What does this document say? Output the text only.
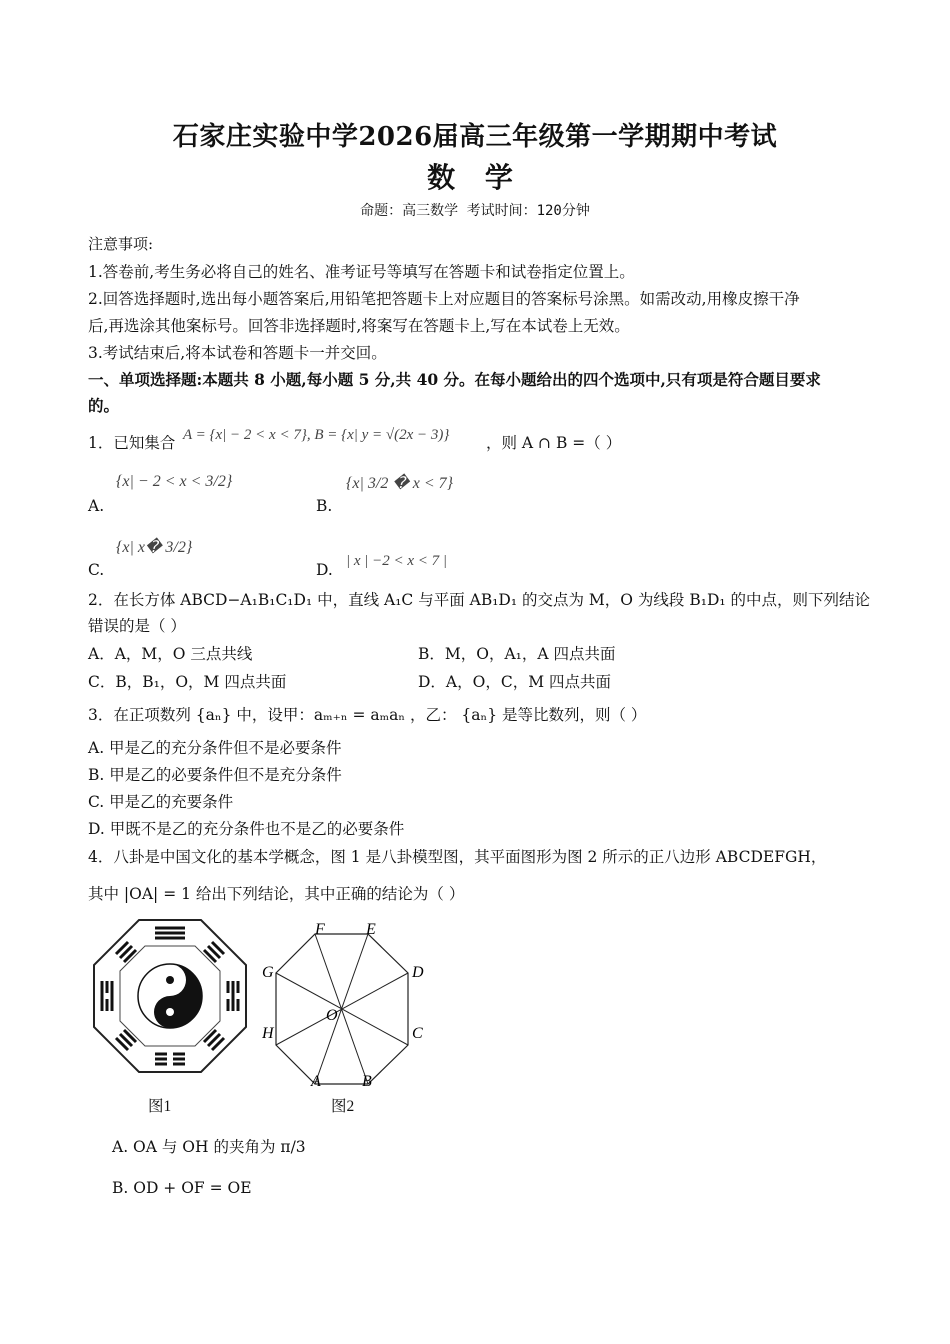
石家庄实验中学2026届高三年级第一学期期中考试
数 学
命题：高三数学 考试时间：120分钟
注意事项:
1.答卷前,考生务必将自己的姓名、准考证号等填写在答题卡和试卷指定位置上。
2.回答选择题时,选出每小题答案后,用铅笔把答题卡上对应题目的答案标号涂黑。如需改动,用橡皮擦干净
后,再选涂其他案标号。回答非选择题时,将案写在答题卡上,写在本试卷上无效。
3.考试结束后,将本试卷和答题卡一并交回。
一、单项选择题:本题共 8 小题,每小题 5 分,共 40 分。在每小题给出的四个选项中,只有项是符合题目要求
的。
1．已知集合 A = {x| − 2 < x < 7}, B = {x| y = √(2x − 3)} ，则 A ∩ B =（ ）
A.
{x| − 2 < x < 3/2}
B.
{x| 3/2 � x < 7}
C.
{x| x� 3/2}
D. | x | −2 < x < 7 |
2．在长方体 ABCD−A₁B₁C₁D₁ 中，直线 A₁C 与平面 AB₁D₁ 的交点为 M，O 为线段 B₁D₁ 的中点，则下列结论
错误的是（ ）
A．A，M，O 三点共线	B．M，O，A₁，A 四点共面
C．B，B₁，O，M 四点共面	D．A，O，C，M 四点共面
3．在正项数列 {aₙ} 中，设甲：aₘ₊ₙ = aₘaₙ ，乙： {aₙ} 是等比数列，则（ ）
A. 甲是乙的充分条件但不是必要条件
B. 甲是乙的必要条件但不是充分条件
C. 甲是乙的充要条件
D. 甲既不是乙的充分条件也不是乙的必要条件
4．八卦是中国文化的基本学概念，图 1 是八卦模型图，其平面图形为图 2 所示的正八边形 ABCDEFGH，
其中 |OA| = 1 给出下列结论，其中正确的结论为（ ）
A	B
C
D
E
F
G
H
O
图1	图2
A. OA 与 OH 的夹角为 π/3
B. OD + OF = OE
